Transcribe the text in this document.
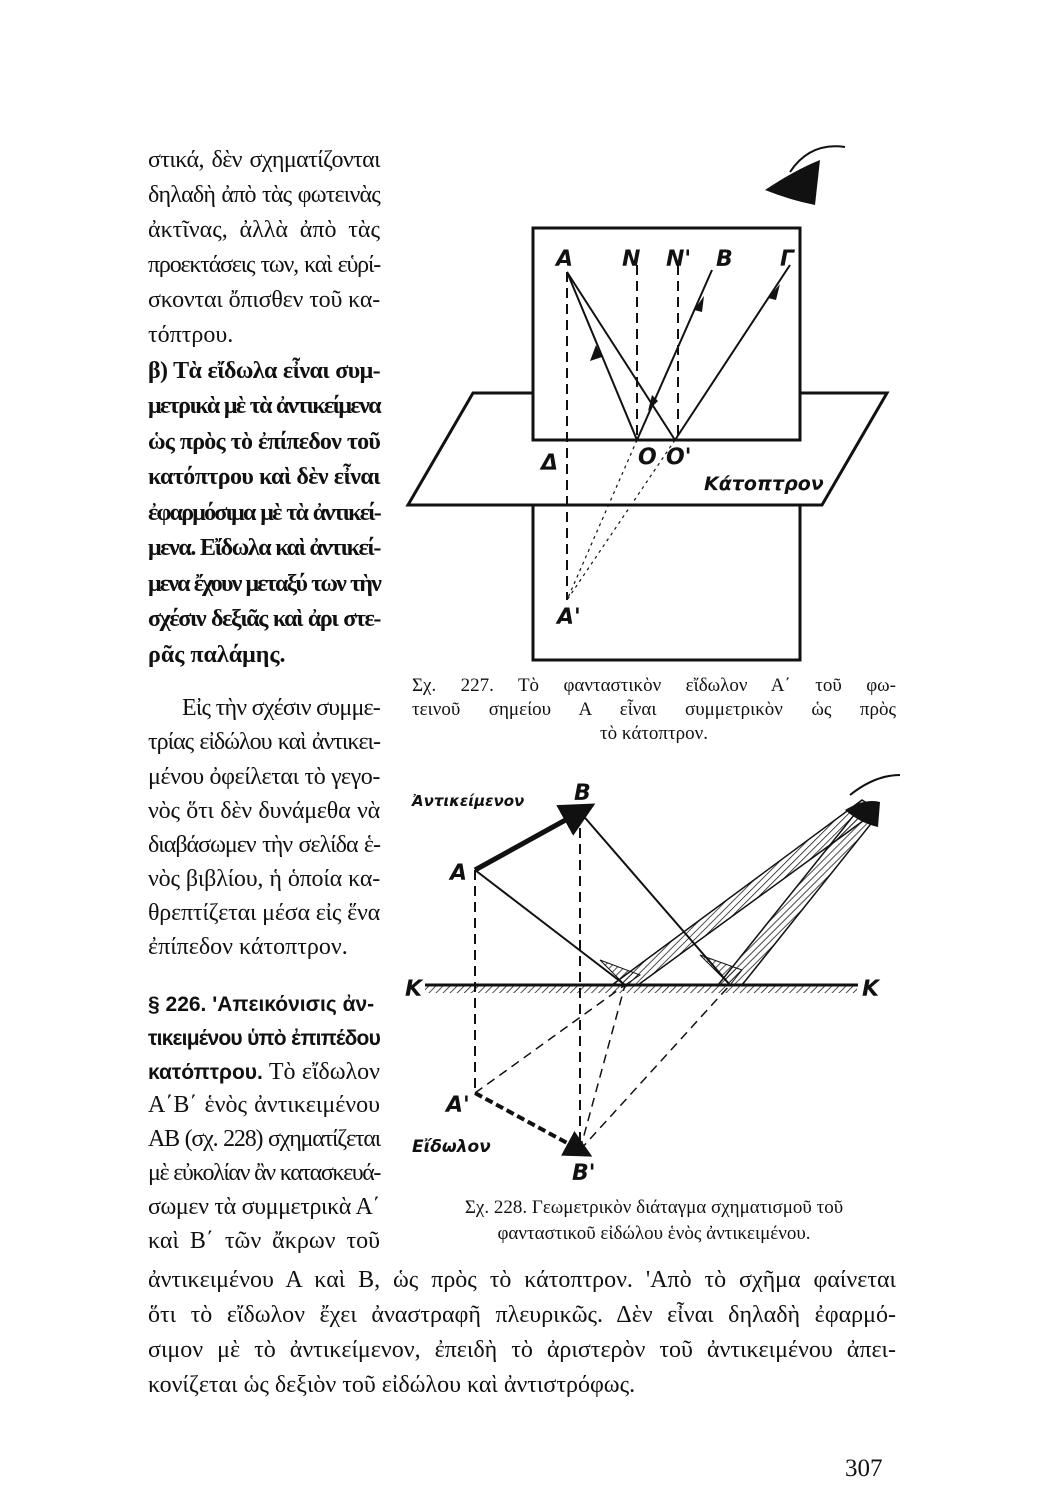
στικά, δὲν σχηματίζονται
δηλαδὴ ἀπὸ τὰς φωτεινὰς
ἀκτῖνας, ἀλλὰ ἀπὸ τὰς
προεκτάσεις των, καὶ εὑρί-
σκονται ὄπισθεν τοῦ κα-
τόπτρου.
β) Τὰ εἴδωλα εἶναι συμ-
μετρικὰ μὲ τὰ ἀντικείμενα
ὡς πρὸς τὸ ἐπίπεδον τοῦ
κατόπτρου καὶ δὲν εἶναι
ἐφαρμόσιμα μὲ τὰ ἀντικεί-
μενα. Εἴδωλα καὶ ἀντικεί-
μενα ἔχουν μεταξύ των τὴν
σχέσιν δεξιᾶς καὶ ἀρι στε-
ρᾶς παλάμης.
Εἰς τὴν σχέσιν συμμε-
τρίας εἰδώλου καὶ ἀντικει-
μένου ὀφείλεται τὸ γεγο-
νὸς ὅτι δὲν δυνάμεθα νὰ
διαβάσωμεν τὴν σελίδα ἑ-
νὸς βιβλίου, ἡ ὁποία κα-
θρεπτίζεται μέσα εἰς ἕνα
ἐπίπεδον κάτοπτρον.
§ 226. 'Απεικόνισις ἀν-
τικειμένου ὑπὸ ἐπιπέδου
κατόπτρου. Τὸ εἴδωλον
Α΄Β΄ ἑνὸς ἀντικειμένου
ΑΒ (σχ. 228) σχηματίζεται
μὲ εὐκολίαν ἂν κατασκευά-
σωμεν τὰ συμμετρικὰ Α΄
καὶ Β΄ τῶν ἄκρων τοῦ
ἀντικειμένου Α καὶ Β, ὡς πρὸς τὸ κάτοπτρον. 'Απὸ τὸ σχῆμα φαίνεται
ὅτι τὸ εἴδωλον ἔχει ἀναστραφῆ πλευρικῶς. Δὲν εἶναι δηλαδὴ ἐφαρμό-
σιμον μὲ τὸ ἀντικείμενον, ἐπειδὴ τὸ ἀριστερὸν τοῦ ἀντικειμένου ἀπει-
κονίζεται ὡς δεξιὸν τοῦ εἰδώλου καὶ ἀντιστρόφως.
Α Ν Ν' Β Γ
Δ	Ο Ο'
Κάτοπτρον
Α'
Β
Ἀντικείμενον
Α
Κ	Κ
Α'
Εἴδωλον
Β'
Σχ. 227. Τὸ φανταστικὸν εἴδωλον Α΄ τοῦ φω-
τεινοῦ σημείου Α εἶναι συμμετρικὸν ὡς πρὸς
τὸ κάτοπτρον.
Σχ. 228. Γεωμετρικὸν διάταγμα σχηματισμοῦ τοῦ
φανταστικοῦ εἰδώλου ἑνὸς ἀντικειμένου.
307
